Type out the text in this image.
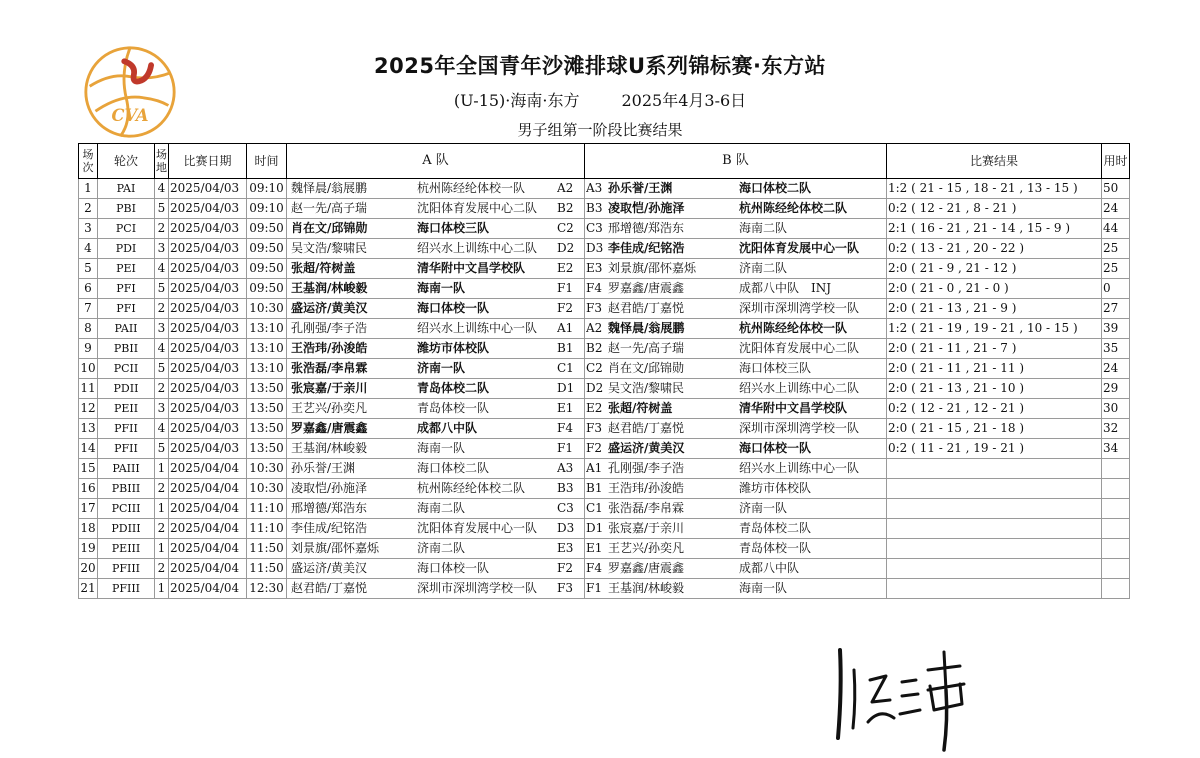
CVA
2025年全国青年沙滩排球U系列锦标赛·东方站
(U-15)·海南·东方	2025年4月3-6日
男子组第一阶段比赛结果
场次	轮次	场地	比赛日期	时间	A 队	B 队	比赛结果	用时
1	PAI	4	2025/04/03	09:10	魏怿晨/翁展鹏 杭州陈经纶体校一队 A2	A3 孙乐誉/王渊 海口体校二队	1:2 ( 21 - 15 , 18 - 21 , 13 - 15 )	50
2	PBI	5	2025/04/03	09:10	赵一先/高子瑞 沈阳体育发展中心二队 B2	B3 凌取恺/孙施泽 杭州陈经纶体校二队	0:2 ( 12 - 21 , 8 - 21 )	24
3	PCI	2	2025/04/03	09:50	肖在文/邱锦勋 海口体校三队 C2	C3 邢增德/郑浩东 海南二队	2:1 ( 16 - 21 , 21 - 14 , 15 - 9 )	44
4	PDI	3	2025/04/03	09:50	吴文浩/黎啸民 绍兴水上训练中心二队 D2	D3 李佳成/纪铭浩 沈阳体育发展中心一队	0:2 ( 13 - 21 , 20 - 22 )	25
5	PEI	4	2025/04/03	09:50	张超/符树盖 清华附中文昌学校队 E2	E3 刘景旗/邵怀嘉烁 济南二队	2:0 ( 21 - 9 , 21 - 12 )	25
6	PFI	5	2025/04/03	09:50	王基润/林峻毅 海南一队 F1	F4 罗嘉鑫/唐震鑫 成都八中队　INJ	2:0 ( 21 - 0 , 21 - 0 )	0
7	PFI	2	2025/04/03	10:30	盛运济/黄美汉 海口体校一队 F2	F3 赵君皓/丁嘉悦 深圳市深圳湾学校一队	2:0 ( 21 - 13 , 21 - 9 )	27
8	PAII	3	2025/04/03	13:10	孔刚强/李子浩 绍兴水上训练中心一队 A1	A2 魏怿晨/翁展鹏 杭州陈经纶体校一队	1:2 ( 21 - 19 , 19 - 21 , 10 - 15 )	39
9	PBII	4	2025/04/03	13:10	王浩玮/孙浚皓 潍坊市体校队 B1	B2 赵一先/高子瑞 沈阳体育发展中心二队	2:0 ( 21 - 11 , 21 - 7 )	35
10	PCII	5	2025/04/03	13:10	张浩磊/李帛霖 济南一队 C1	C2 肖在文/邱锦勋 海口体校三队	2:0 ( 21 - 11 , 21 - 11 )	24
11	PDII	2	2025/04/03	13:50	张宸嘉/于亲川 青岛体校二队 D1	D2 吴文浩/黎啸民 绍兴水上训练中心二队	2:0 ( 21 - 13 , 21 - 10 )	29
12	PEII	3	2025/04/03	13:50	王艺兴/孙奕凡 青岛体校一队 E1	E2 张超/符树盖 清华附中文昌学校队	0:2 ( 12 - 21 , 12 - 21 )	30
13	PFII	4	2025/04/03	13:50	罗嘉鑫/唐震鑫 成都八中队 F4	F3 赵君皓/丁嘉悦 深圳市深圳湾学校一队	2:0 ( 21 - 15 , 21 - 18 )	32
14	PFII	5	2025/04/03	13:50	王基润/林峻毅 海南一队 F1	F2 盛运济/黄美汉 海口体校一队	0:2 ( 11 - 21 , 19 - 21 )	34
15	PAIII	1	2025/04/04	10:30	孙乐誉/王渊 海口体校二队 A3	A1 孔刚强/李子浩 绍兴水上训练中心一队		

16	PBIII	2	2025/04/04	10:30	凌取恺/孙施泽 杭州陈经纶体校二队 B3	B1 王浩玮/孙浚皓 潍坊市体校队		

17	PCIII	1	2025/04/04	11:10	邢增德/郑浩东 海南二队 C3	C1 张浩磊/李帛霖 济南一队		

18	PDIII	2	2025/04/04	11:10	李佳成/纪铭浩 沈阳体育发展中心一队 D3	D1 张宸嘉/于亲川 青岛体校二队		

19	PEIII	1	2025/04/04	11:50	刘景旗/邵怀嘉烁 济南二队 E3	E1 王艺兴/孙奕凡 青岛体校一队		

20	PFIII	2	2025/04/04	11:50	盛运济/黄美汉 海口体校一队 F2	F4 罗嘉鑫/唐震鑫 成都八中队		

21	PFIII	1	2025/04/04	12:30	赵君皓/丁嘉悦 深圳市深圳湾学校一队 F3	F1 王基润/林峻毅 海南一队		
